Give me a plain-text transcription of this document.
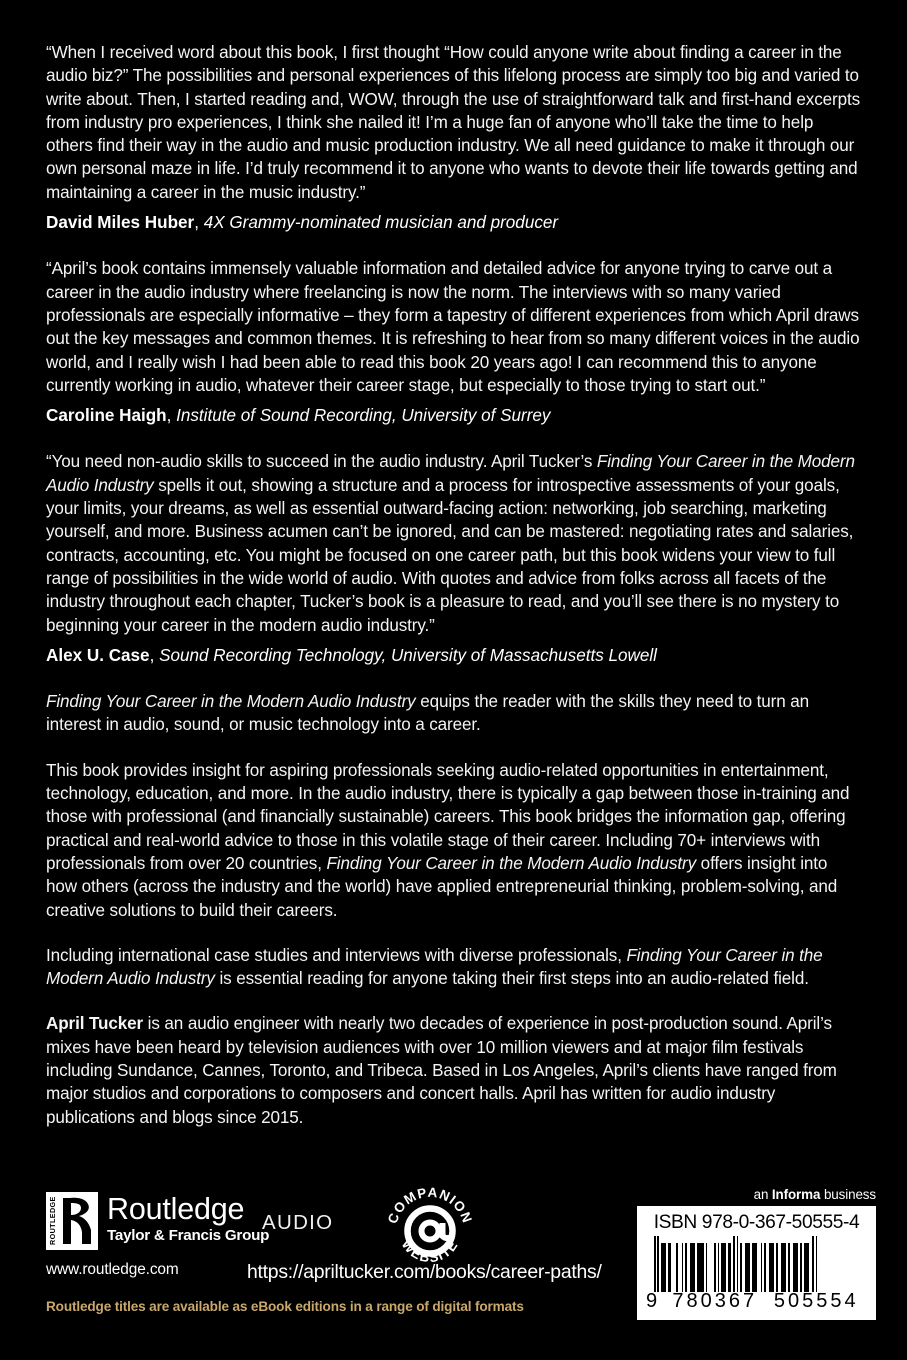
“When I received word about this book, I first thought “How could anyone write about finding a career in the audio biz?” The possibilities and personal experiences of this lifelong process are simply too big and varied to write about. Then, I started reading and, WOW, through the use of straightforward talk and first-hand excerpts from industry pro experiences, I think she nailed it! I’m a huge fan of anyone who’ll take the time to help others find their way in the audio and music production industry. We all need guidance to make it through our own personal maze in life. I’d truly recommend it to anyone who wants to devote their life towards getting and maintaining a career in the music industry.”

David Miles Huber, 4X Grammy-nominated musician and producer

“April’s book contains immensely valuable information and detailed advice for anyone trying to carve out a career in the audio industry where freelancing is now the norm. The interviews with so many varied professionals are especially informative – they form a tapestry of different experiences from which April draws out the key messages and common themes. It is refreshing to hear from so many different voices in the audio world, and I really wish I had been able to read this book 20 years ago! I can recommend this to anyone currently working in audio, whatever their career stage, but especially to those trying to start out.”

Caroline Haigh, Institute of Sound Recording, University of Surrey

“You need non-audio skills to succeed in the audio industry. April Tucker’s Finding Your Career in the Modern Audio Industry spells it out, showing a structure and a process for introspective assessments of your goals, your limits, your dreams, as well as essential outward-facing action: networking, job searching, marketing yourself, and more. Business acumen can’t be ignored, and can be mastered: negotiating rates and salaries, contracts, accounting, etc. You might be focused on one career path, but this book widens your view to full range of possibilities in the wide world of audio. With quotes and advice from folks across all facets of the industry throughout each chapter, Tucker’s book is a pleasure to read, and you’ll see there is no mystery to beginning your career in the modern audio industry.”

Alex U. Case, Sound Recording Technology, University of Massachusetts Lowell

Finding Your Career in the Modern Audio Industry equips the reader with the skills they need to turn an interest in audio, sound, or music technology into a career.

This book provides insight for aspiring professionals seeking audio-related opportunities in entertainment, technology, education, and more. In the audio industry, there is typically a gap between those in-training and those with professional (and financially sustainable) careers. This book bridges the information gap, offering practical and real-world advice to those in this volatile stage of their career. Including 70+ interviews with professionals from over 20 countries, Finding Your Career in the Modern Audio Industry offers insight into how others (across the industry and the world) have applied entrepreneurial thinking, problem-solving, and creative solutions to build their careers.

Including international case studies and interviews with diverse professionals, Finding Your Career in the Modern Audio Industry is essential reading for anyone taking their first steps into an audio-related field.

April Tucker is an audio engineer with nearly two decades of experience in post-production sound. April’s mixes have been heard by television audiences with over 10 million viewers and at major film festivals including Sundance, Cannes, Toronto, and Tribeca. Based in Los Angeles, April’s clients have ranged from major studios and corporations to composers and concert halls. April has written for audio industry publications and blogs since 2015.

ROUTLEDGE Routledge
Taylor & Francis Group
www.routledge.com
AUDIO	COMPANION
WEBSITE
https://apriltucker.com/books/career-paths/
Routledge titles are available as eBook editions in a range of digital formats
an Informa business
ISBN 978-0-367-50555-4
9 780367 505554
